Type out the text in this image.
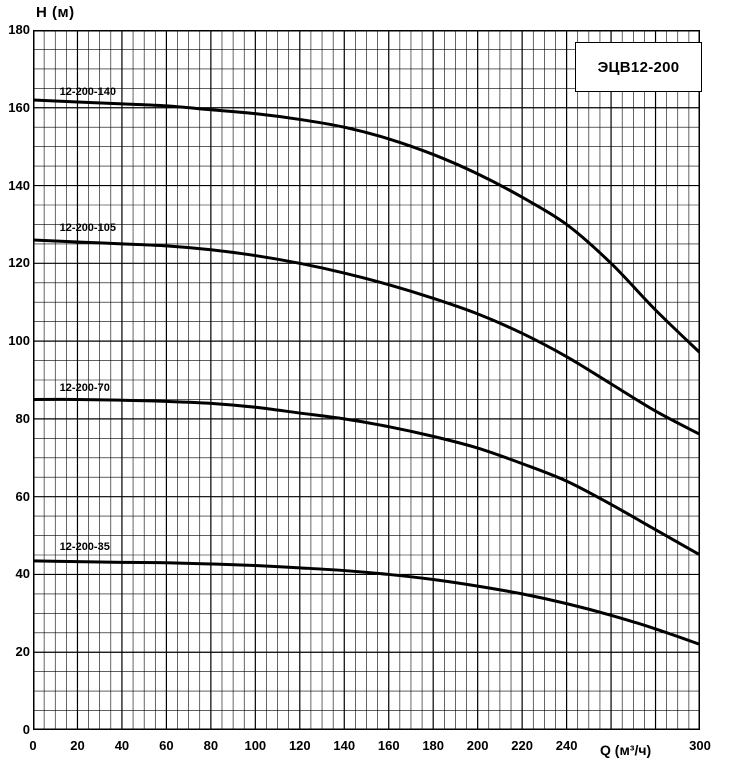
H (м)
Q (м³/ч)
0
20
40
60
80
100
120
140
160
180
0	20	40	60	80	100	120	140	160	180	200	220	240	300
12-200-140
12-200-105
12-200-70
12-200-35
ЭЦВ12-200
